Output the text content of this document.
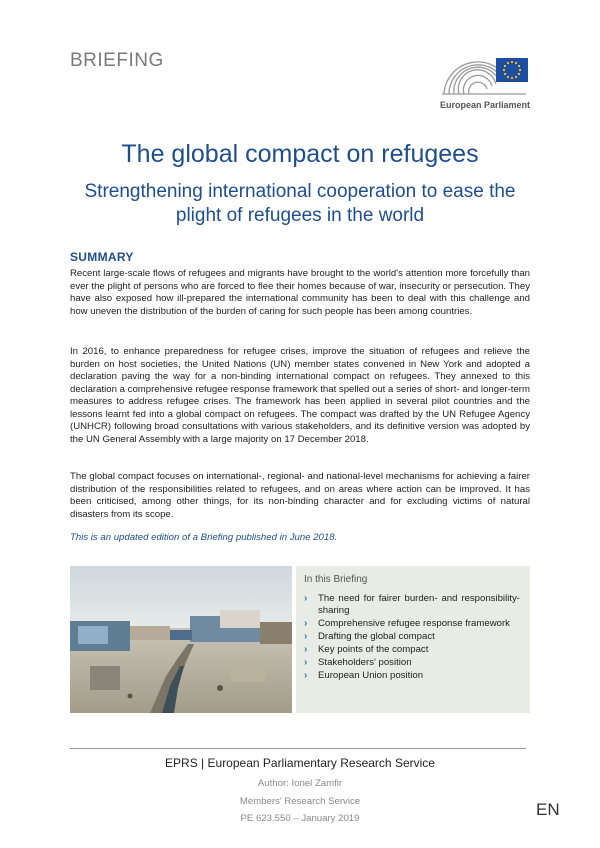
BRIEFING
European Parliament
The global compact on refugees
Strengthening international cooperation to ease the plight of refugees in the world
SUMMARY

Recent large-scale flows of refugees and migrants have brought to the world's attention more forcefully than ever the plight of persons who are forced to flee their homes because of war, insecurity or persecution. They have also exposed how ill-prepared the international community has been to deal with this challenge and how uneven the distribution of the burden of caring for such people has been among countries.

In 2016, to enhance preparedness for refugee crises, improve the situation of refugees and relieve the burden on host societies, the United Nations (UN) member states convened in New York and adopted a declaration paving the way for a non-binding international compact on refugees. They annexed to this declaration a comprehensive refugee response framework that spelled out a series of short- and longer-term measures to address refugee crises. The framework has been applied in several pilot countries and the lessons learnt fed into a global compact on refugees. The compact was drafted by the UN Refugee Agency (UNHCR) following broad consultations with various stakeholders, and its definitive version was adopted by the UN General Assembly with a large majority on 17 December 2018.

The global compact focuses on international-, regional- and national-level mechanisms for achieving a fairer distribution of the responsibilities related to refugees, and on areas where action can be improved. It has been criticised, among other things, for its non-binding character and for excluding victims of natural disasters from its scope.

This is an updated edition of a Briefing published in June 2018.

In this Briefing
› The need for fairer burden- and responsibility-sharing
› Comprehensive refugee response framework
› Drafting the global compact
› Key points of the compact
› Stakeholders' position
› European Union position
EPRS | European Parliamentary Research Service
Author: Ionel Zamfir
Members' Research Service
PE 623.550 – January 2019	EN
